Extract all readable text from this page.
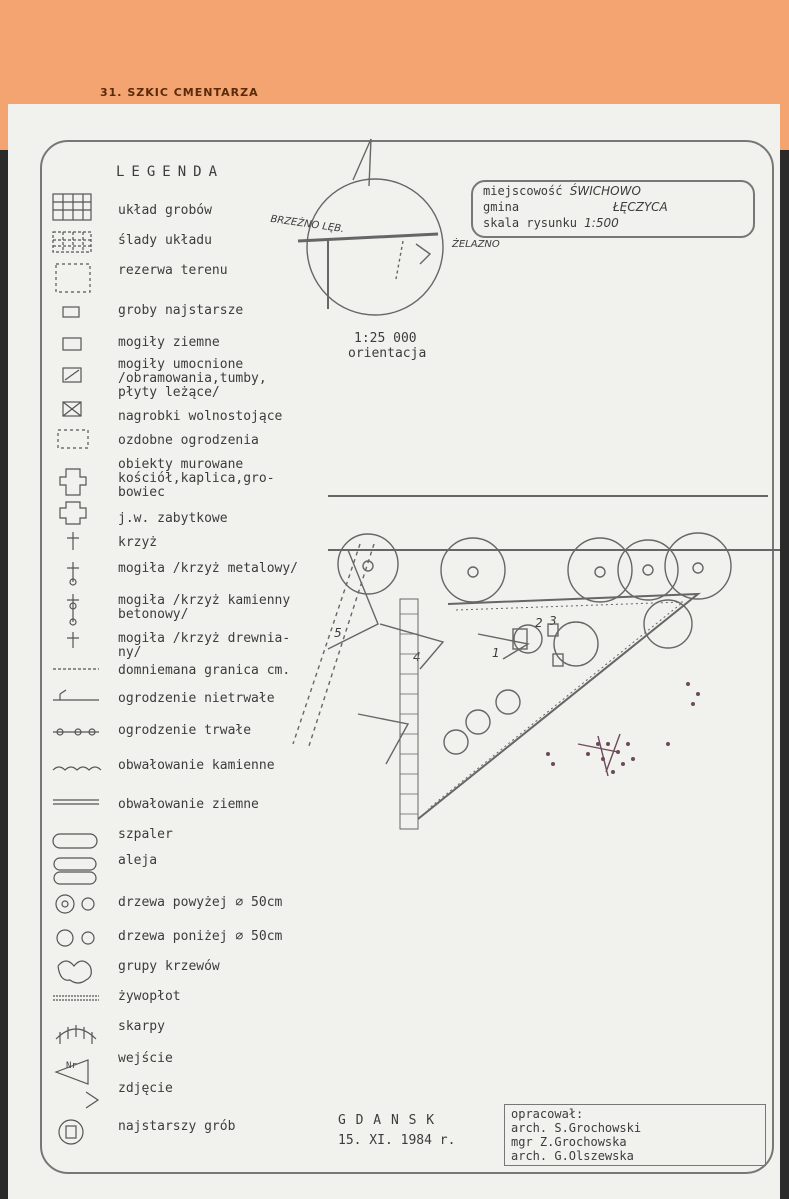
31. SZKIC CMENTARZA
LEGENDA
miejscowość ŚWICHOWO
gmina	ŁĘCZYCA
skala rysunku 1:500
BRZEŹNO LĘB.
ŻELAZNO
1:25 000
orientacja
1
2 3
4
5
G D A N S K
15. XI. 1984 r.
opracował:
arch. S.Grochowski
mgr Z.Grochowska
arch. G.Olszewska
Nr
układ grobów
ślady układu
rezerwa terenu
groby najstarsze
mogiły ziemne
mogiły umocnione
/obramowania,tumby,
płyty leżące/
nagrobki wolnostojące
ozdobne ogrodzenia
obiekty murowane
kościół,kaplica,gro-
bowiec
j.w. zabytkowe
krzyż
mogiła /krzyż metalowy/
mogiła /krzyż kamienny
betonowy/
mogiła /krzyż drewnia-
ny/
domniemana granica cm.
ogrodzenie nietrwałe
ogrodzenie trwałe
obwałowanie kamienne
obwałowanie ziemne
szpaler
aleja
drzewa powyżej ∅ 50cm
drzewa poniżej ∅ 50cm
grupy krzewów
żywopłot
skarpy
wejście
zdjęcie
najstarszy grób
